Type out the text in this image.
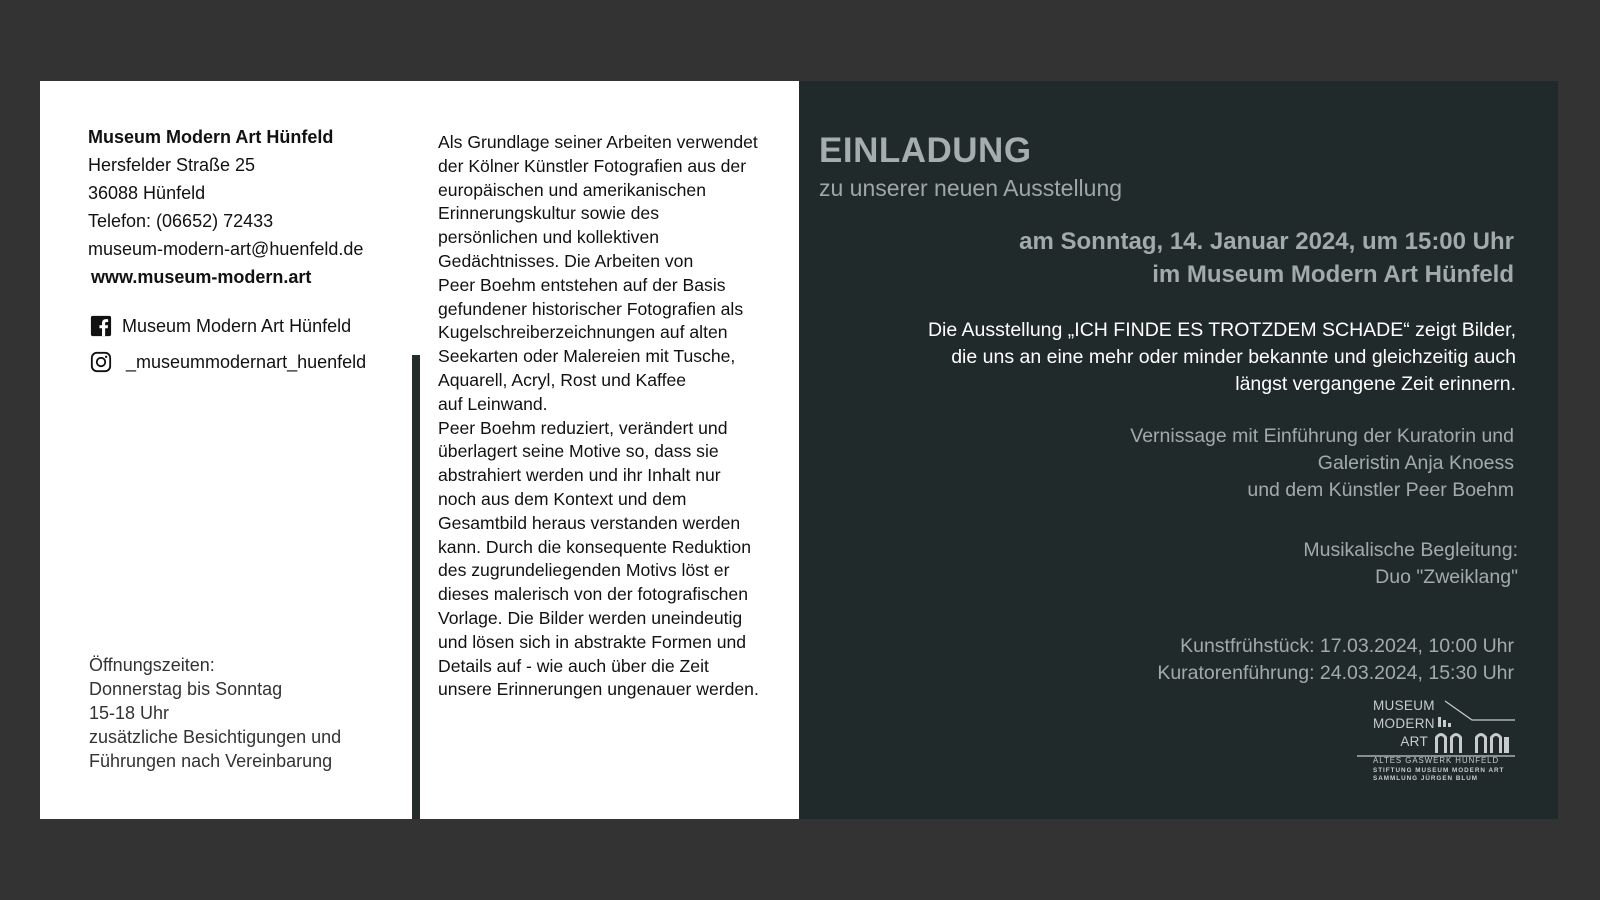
Museum Modern Art Hünfeld
Hersfelder Straße 25
36088 Hünfeld
Telefon: (06652) 72433
museum-modern-art@huenfeld.de
www.museum-modern.art
Museum Modern Art Hünfeld
_museummodernart_huenfeld
Öffnungszeiten:
Donnerstag bis Sonntag
15-18 Uhr
zusätzliche Besichtigungen und
Führungen nach Vereinbarung

Als Grundlage seiner Arbeiten verwendet

der Kölner Künstler Fotografien aus der

europäischen und amerikanischen

Erinnerungskultur sowie des

persönlichen und kollektiven

Gedächtnisses. Die Arbeiten von

Peer Boehm entstehen auf der Basis

gefundener historischer Fotografien als

Kugelschreiberzeichnungen auf alten

Seekarten oder Malereien mit Tusche,

Aquarell, Acryl, Rost und Kaffee

auf Leinwand.

Peer Boehm reduziert, verändert und

überlagert seine Motive so, dass sie

abstrahiert werden und ihr Inhalt nur

noch aus dem Kontext und dem

Gesamtbild heraus verstanden werden

kann. Durch die konsequente Reduktion

des zugrundeliegenden Motivs löst er

dieses malerisch von der fotografischen

Vorlage. Die Bilder werden uneindeutig

und lösen sich in abstrakte Formen und

Details auf - wie auch über die Zeit

unsere Erinnerungen ungenauer werden.

EINLADUNG
zu unserer neuen Ausstellung
am Sonntag, 14. Januar 2024, um 15:00 Uhr
im Museum Modern Art Hünfeld
Die Ausstellung „ICH FINDE ES TROTZDEM SCHADE“ zeigt Bilder,
die uns an eine mehr oder minder bekannte und gleichzeitig auch
längst vergangene Zeit erinnern.
Vernissage mit Einführung der Kuratorin und
Galeristin Anja Knoess
und dem Künstler Peer Boehm
Musikalische Begleitung:
Duo "Zweiklang"
Kunstfrühstück: 17.03.2024, 10:00 Uhr
Kuratorenführung: 24.03.2024, 15:30 Uhr
MUSEUM
MODERN
ART
ALTES GASWERK HÜNFELD
STIFTUNG MUSEUM MODERN ART
SAMMLUNG JÜRGEN BLUM
